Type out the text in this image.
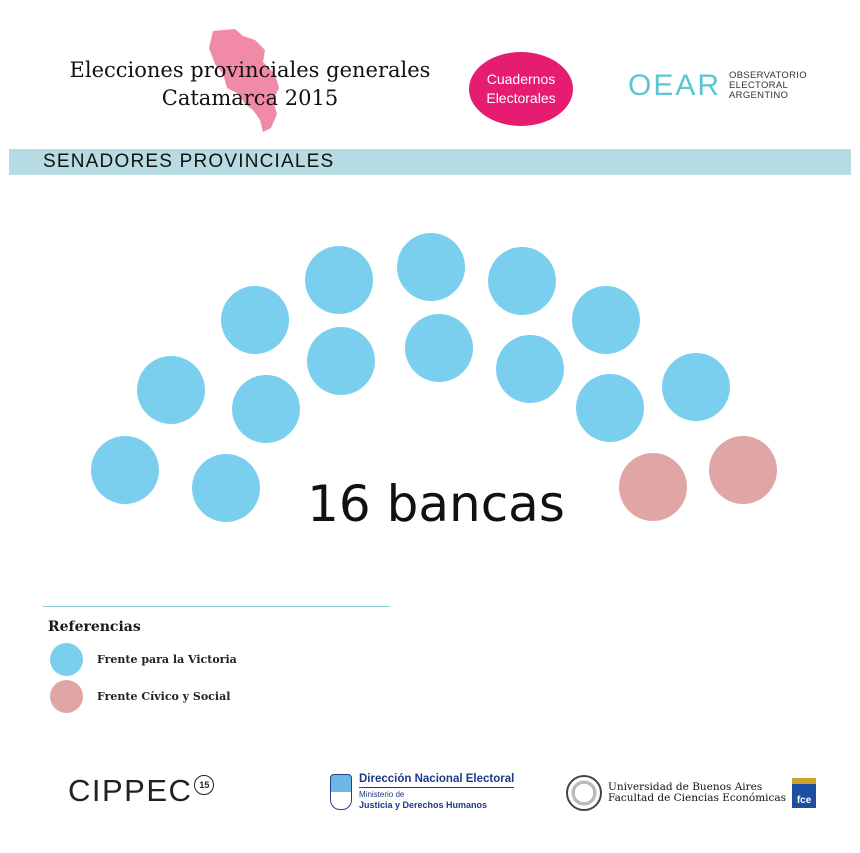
Elecciones provinciales generales
Catamarca 2015
Cuadernos
Electorales OEAR OBSERVATORIO
ELECTORAL
ARGENTINO
SENADORES PROVINCIALES
16 bancas
Referencias
Frente para la Victoria
Frente Cívico y Social
CIPPEC 15	Dirección Nacional Electoral
Ministerio de
Justicia y Derechos Humanos
Universidad de Buenos Aires
Facultad de Ciencias Económicas	fce
